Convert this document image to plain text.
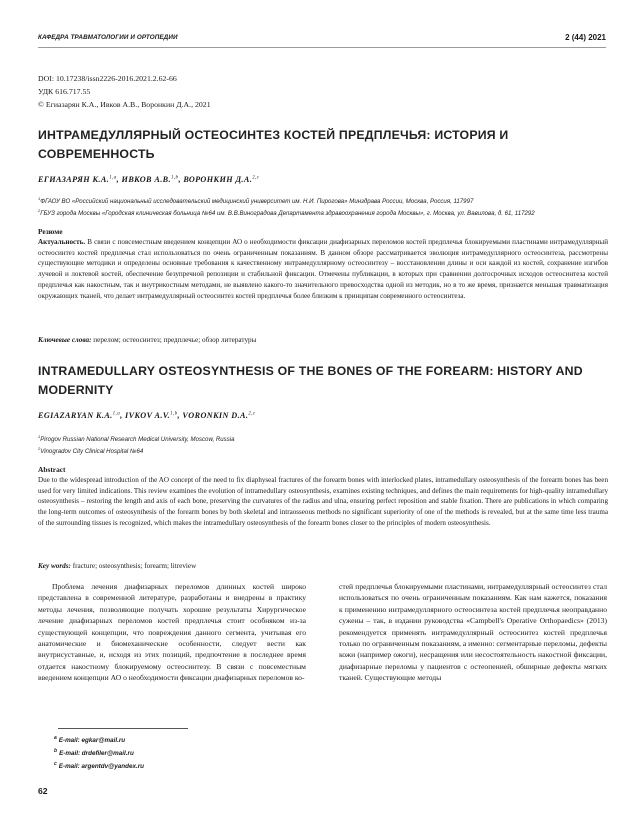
КАФЕДРА ТРАВМАТОЛОГИИ И ОРТОПЕДИИ	2 (44) 2021
DOI: 10.17238/issn2226-2016.2021.2.62-66
УДК 616.717.55
© Егиазарян К.А., Ивков А.В., Воронкин Д.А., 2021
ИНТРАМЕДУЛЛЯРНЫЙ ОСТЕОСИНТЕЗ КОСТЕЙ ПРЕДПЛЕЧЬЯ: ИСТОРИЯ И СОВРЕМЕННОСТЬ
ЕГИАЗАРЯН К.А.$^{1,a}$, ИВКОВ А.В.$^{1,b}$, ВОРОНКИН Д.А.$^{2,c}$
$^1$ФГАОУ ВО «Российский национальный исследовательский медицинский университет им. Н.И. Пирогова» Минздрава России, Москва, Россия, 117997
$^2$ГБУЗ города Москвы «Городская клиническая больница №64 им. В.В.Виноградова Департамента здравоохранения города Москвы», г. Москва, ул. Вавилова, д. 61, 117292
Резюме
Актуальность. В связи с повсеместным введением концепции АО о необходимости фиксации диафизарных переломов костей предплечья блокируемыми пластинами интрамедуллярный остеосинтез костей предплечья стал использоваться по очень ограниченным показаниям. В данном обзоре рассматривается эволюция интрамедуллярного остеосинтеза, рассмотрены существующие методики и определены основные требования к качественному интрамедуллярному остеосинтезу – восстановлении длины и оси каждой из костей, сохранение изгибов лучевой и локтевой костей, обеспечение безупречной репозиции и стабильной фиксации. Отмечены публикации, в которых при сравнении долгосрочных исходов остеосинтеза костей предплечья как накостным, так и внутрикостным методами, не выявлено какого-то значительного превосходства одной из методик, но в то же время, признается меньшая травматизация окружающих тканей, что делает интрамедуллярный остеосинтез костей предплечья более близким к принципам современного остеосинтеза.
Ключевые слова: перелом; остеосинтез; предплечье; обзор литературы
INTRAMEDULLARY OSTEOSYNTHESIS OF THE BONES OF THE FOREARM: HISTORY AND MODERNITY
EGIAZARYAN K.A.$^{1,a}$, IVKOV A.V.$^{1,b}$, VORONKIN D.A.$^{2,c}$
$^1$Pirogov Russian National Research Medical University, Moscow, Russia
$^2$Vinogradov City Clinical Hospital №64
Abstract
Due to the widespread introduction of the AO concept of the need to fix diaphyseal fractures of the forearm bones with interlocked plates, intramedullary osteosynthesis of the forearm bones has been used for very limited indications. This review examines the evolution of intramedullary osteosynthesis, examines existing techniques, and defines the main requirements for high-quality intramedullary osteosynthesis – restoring the length and axis of each bone, preserving the curvatures of the radius and ulna, ensuring perfect reposition and stable fixation. There are publications in which comparing the long-term outcomes of osteosynthesis of the forearm bones by both skeletal and intraosseous methods no significant superiority of one of the methods is revealed, but at the same time less trauma of the surrounding tissues is recognized, which makes the intramedullary osteosynthesis of the forearm bones closer to the principles of modern osteosynthesis.
Key words: fracture; osteosynthesis; forearm; litreview
Проблема лечения диафизарных переломов длинных костей широко представлена в современной литературе, разработаны и внедрены в практику методы лечения, позволяющие получать хорошие результаты Хирургическое лечение диафизарных переломов костей предплечья стоит особняком из-за существующей концепции, что повреждения данного сегмента, учитывая его анатомические и биомеханические особенности, следует вести как внутрисуставные, и, исходя из этих позиций, предпочтение в последнее время отдается накостному блокируемому остеосинтезу. В связи с повсеместным введением концепции АО о необходимости фиксации диафизарных переломов ко-
стей предплечья блокируемыми пластинами, интрамедуллярный остеосинтез стал использоваться по очень ограниченным показаниям. Как нам кажется, показания к применению интрамедуллярного остеосинтеза костей предплечья неоправданно сужены – так, в издании руководства «Campbell's Operative Orthopaedics» (2013) рекомендуется применять интрамедуллярный остеосинтез костей предплечья только по ограниченным показаниям, а именно: сегментарные переломы, дефекты кожи (например ожоги), несращения или несостоятельность накостной фиксации, диафизарные переломы у пациентов с остеопенией, обширные дефекты мягких тканей. Существующие методы
$^a$ E-mail: egkar@mail.ru
$^b$ E-mail: drdefiler@mail.ru
$^c$ E-mail: argentdv@yandex.ru
62
